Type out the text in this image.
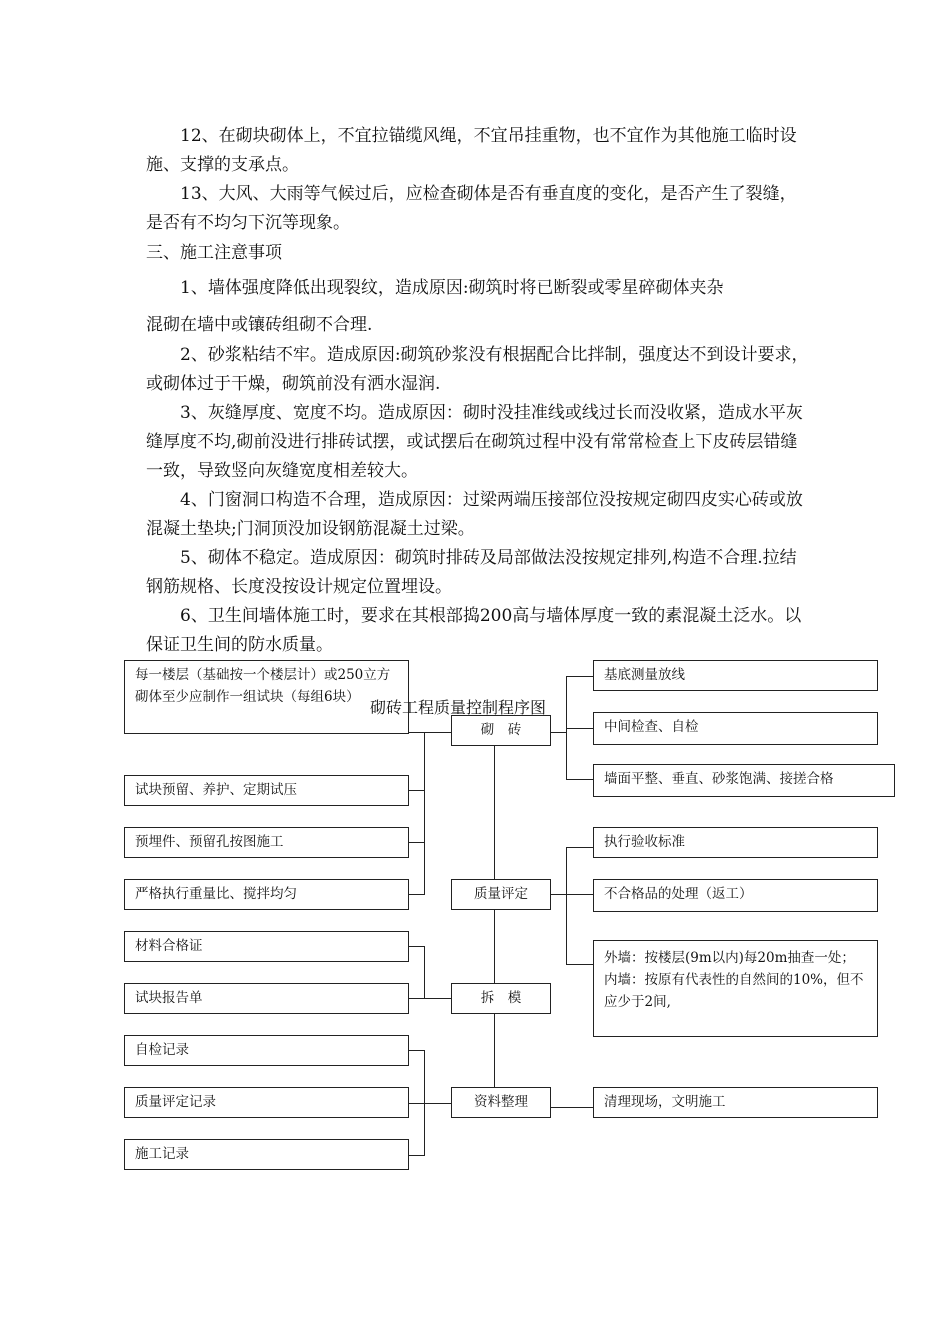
12、在砌块砌体上，不宜拉锚缆风绳，不宜吊挂重物，也不宜作为其他施工临时设施、支撑的支承点。

13、大风、大雨等气候过后，应检查砌体是否有垂直度的变化，是否产生了裂缝，是否有不均匀下沉等现象。

三、施工注意事项

1、墙体强度降低出现裂纹，造成原因:砌筑时将已断裂或零星碎砌体夹杂

混砌在墙中或镶砖组砌不合理.

2、砂浆粘结不牢。造成原因:砌筑砂浆没有根据配合比拌制，强度达不到设计要求，或砌体过于干燥，砌筑前没有洒水湿润.

3、灰缝厚度、宽度不均。造成原因：砌时没挂准线或线过长而没收紧，造成水平灰缝厚度不均,砌前没进行排砖试摆，或试摆后在砌筑过程中没有常常检查上下皮砖层错缝一致，导致竖向灰缝宽度相差较大。

4、门窗洞口构造不合理，造成原因：过梁两端压接部位没按规定砌四皮实心砖或放混凝土垫块;门洞顶没加设钢筋混凝土过梁。

5、砌体不稳定。造成原因：砌筑时排砖及局部做法没按规定排列,构造不合理.拉结钢筋规格、长度没按设计规定位置埋设。

6、卫生间墙体施工时，要求在其根部捣200高与墙体厚度一致的素混凝土泛水。以保证卫生间的防水质量。

每一楼层（基础按一个楼层计）或250立方砌体至少应制作一组试块（每组6块）
试块预留、养护、定期试压
预埋件、预留孔按图施工
严格执行重量比、搅拌均匀
材料合格证
试块报告单
自检记录
质量评定记录
施工记录
砌　砖
质量评定
拆　模
资料整理
基底测量放线
中间检查、自检
墙面平整、垂直、砂浆饱满、接搓合格
执行验收标准
不合格品的处理（返工）
外墙：按楼层(9m以内)每20m抽查一处；内墙：按原有代表性的自然间的10%，但不应少于2间,
清理现场，文明施工
砌砖工程质量控制程序图
